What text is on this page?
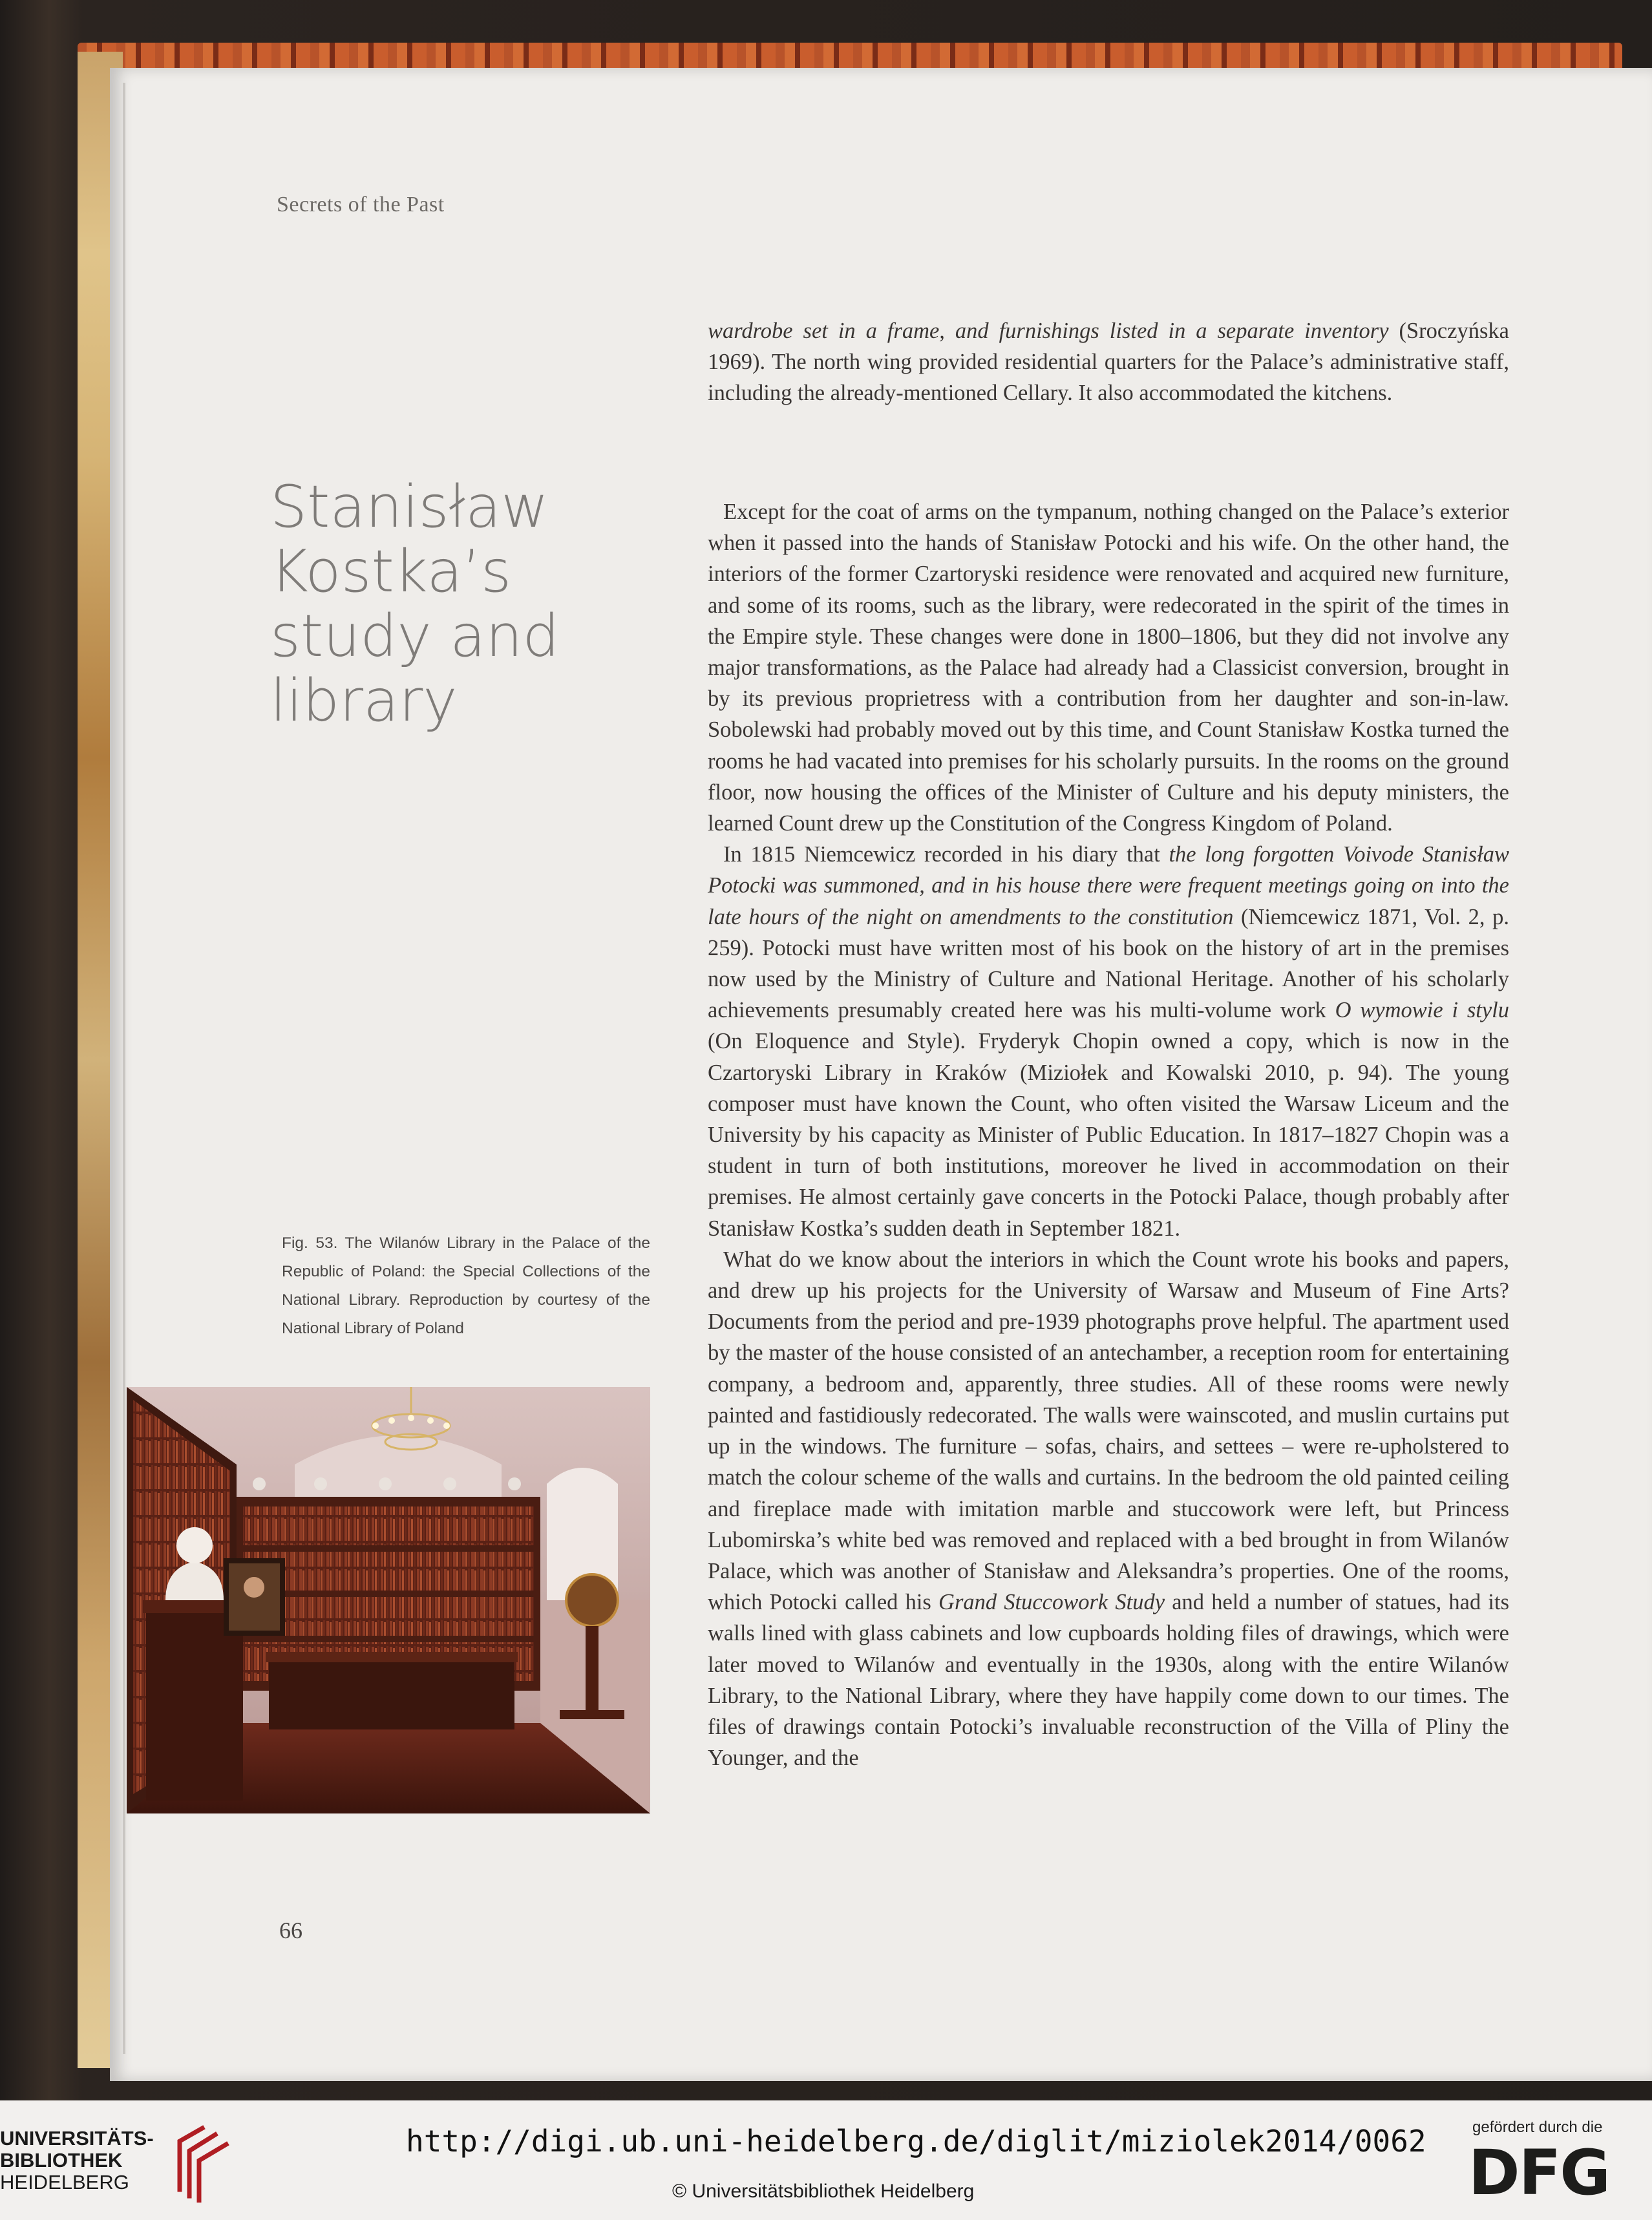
Secrets of the Past
Stanisław
Kostka’s
study and
library

wardrobe set in a frame, and furnishings listed in a separate inventory (Sroczyńska 1969). The north wing provided residential quarters for the Palace’s administrative staff, including the already-mentioned Cellary. It also accommodated the kitchens.

Except for the coat of arms on the tympanum, nothing changed on the Palace’s exterior when it passed into the hands of Stanisław Potocki and his wife. On the other hand, the interiors of the former Czartoryski residence were renovated and acquired new furniture, and some of its rooms, such as the library, were redecorated in the spirit of the times in the Empire style. These changes were done in 1800–1806, but they did not involve any major transformations, as the Palace had already had a Classicist conversion, brought in by its previous proprietress with a contribution from her daughter and son-in-law. Sobolewski had probably moved out by this time, and Count Stanisław Kostka turned the rooms he had vacated into premises for his scholarly pursuits. In the rooms on the ground floor, now housing the offices of the Minister of Culture and his deputy ministers, the learned Count drew up the Constitution of the Congress Kingdom of Poland.

In 1815 Niemcewicz recorded in his diary that the long forgotten Voivode Stanisław Potocki was summoned, and in his house there were frequent meetings going on into the late hours of the night on amendments to the constitution (Niemcewicz 1871, Vol. 2, p. 259). Potocki must have written most of his book on the history of art in the premises now used by the Ministry of Culture and National Heritage. Another of his scholarly achievements presumably created here was his multi-volume work O wymowie i stylu (On Eloquence and Style). Fryderyk Chopin owned a copy, which is now in the Czartoryski Library in Kraków (Miziołek and Kowalski 2010, p. 94). The young composer must have known the Count, who often visited the Warsaw Liceum and the University by his capacity as Minister of Public Education. In 1817–1827 Chopin was a student in turn of both institutions, moreover he lived in accommodation on their premises. He almost certainly gave concerts in the Potocki Palace, though probably after Stanisław Kostka’s sudden death in September 1821.

What do we know about the interiors in which the Count wrote his books and papers, and drew up his projects for the University of Warsaw and Museum of Fine Arts? Documents from the period and pre-1939 photographs prove helpful. The apartment used by the master of the house consisted of an antechamber, a reception room for entertaining company, a bedroom and, apparently, three studies. All of these rooms were newly painted and fastidiously redecorated. The walls were wainscoted, and muslin curtains put up in the windows. The furniture – sofas, chairs, and settees – were re-upholstered to match the colour scheme of the walls and curtains. In the bedroom the old painted ceiling and fireplace made with imitation marble and stuccowork were left, but Princess Lubomirska’s white bed was removed and replaced with a bed brought in from Wilanów Palace, which was another of Stanisław and Aleksandra’s properties. One of the rooms, which Potocki called his Grand Stuccowork Study and held a number of statues, had its walls lined with glass cabinets and low cupboards holding files of drawings, which were later moved to Wilanów and eventually in the 1930s, along with the entire Wilanów Library, to the National Library, where they have happily come down to our times. The files of drawings contain Potocki’s invaluable reconstruction of the Villa of Pliny the Younger, and the

Fig. 53. The Wilanów Library in the Palace of the Republic of Poland: the Special Collections of the National Library. Reproduction by courtesy of the National Library of Poland
66
UNIVERSITÄTS-
BIBLIOTHEK
HEIDELBERG
http://digi.ub.uni-heidelberg.de/diglit/miziolek2014/0062
© Universitätsbibliothek Heidelberg
gefördert durch die
DFG
